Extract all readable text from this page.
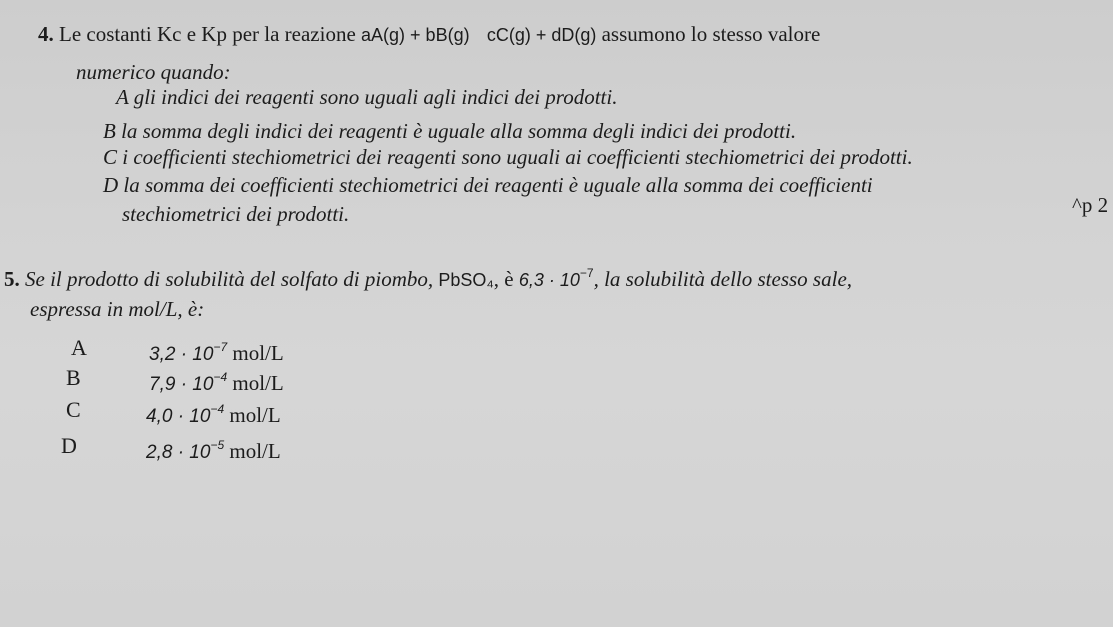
4. Le costanti Kc e Kp per la reazione aA(g) + bB(g) cC(g) + dD(g) assumono lo stesso valore
numerico quando:
A gli indici dei reagenti sono uguali agli indici dei prodotti.
B la somma degli indici dei reagenti è uguale alla somma degli indici dei prodotti.
C i coefficienti stechiometrici dei reagenti sono uguali ai coefficienti stechiometrici dei prodotti.
D la somma dei coefficienti stechiometrici dei reagenti è uguale alla somma dei coefficienti
stechiometrici dei prodotti.	^p 2
5. Se il prodotto di solubilità del solfato di piombo, PbSO₄, è $6,3 \cdot 10^{-7}$, la solubilità dello stesso sale,
espressa in mol/L, è:
A	$3,2 \cdot 10^{-7}$ mol/L
B	$7,9 \cdot 10^{-4}$ mol/L
C	$4,0 \cdot 10^{-4}$ mol/L
D	$2,8 \cdot 10^{-5}$ mol/L
